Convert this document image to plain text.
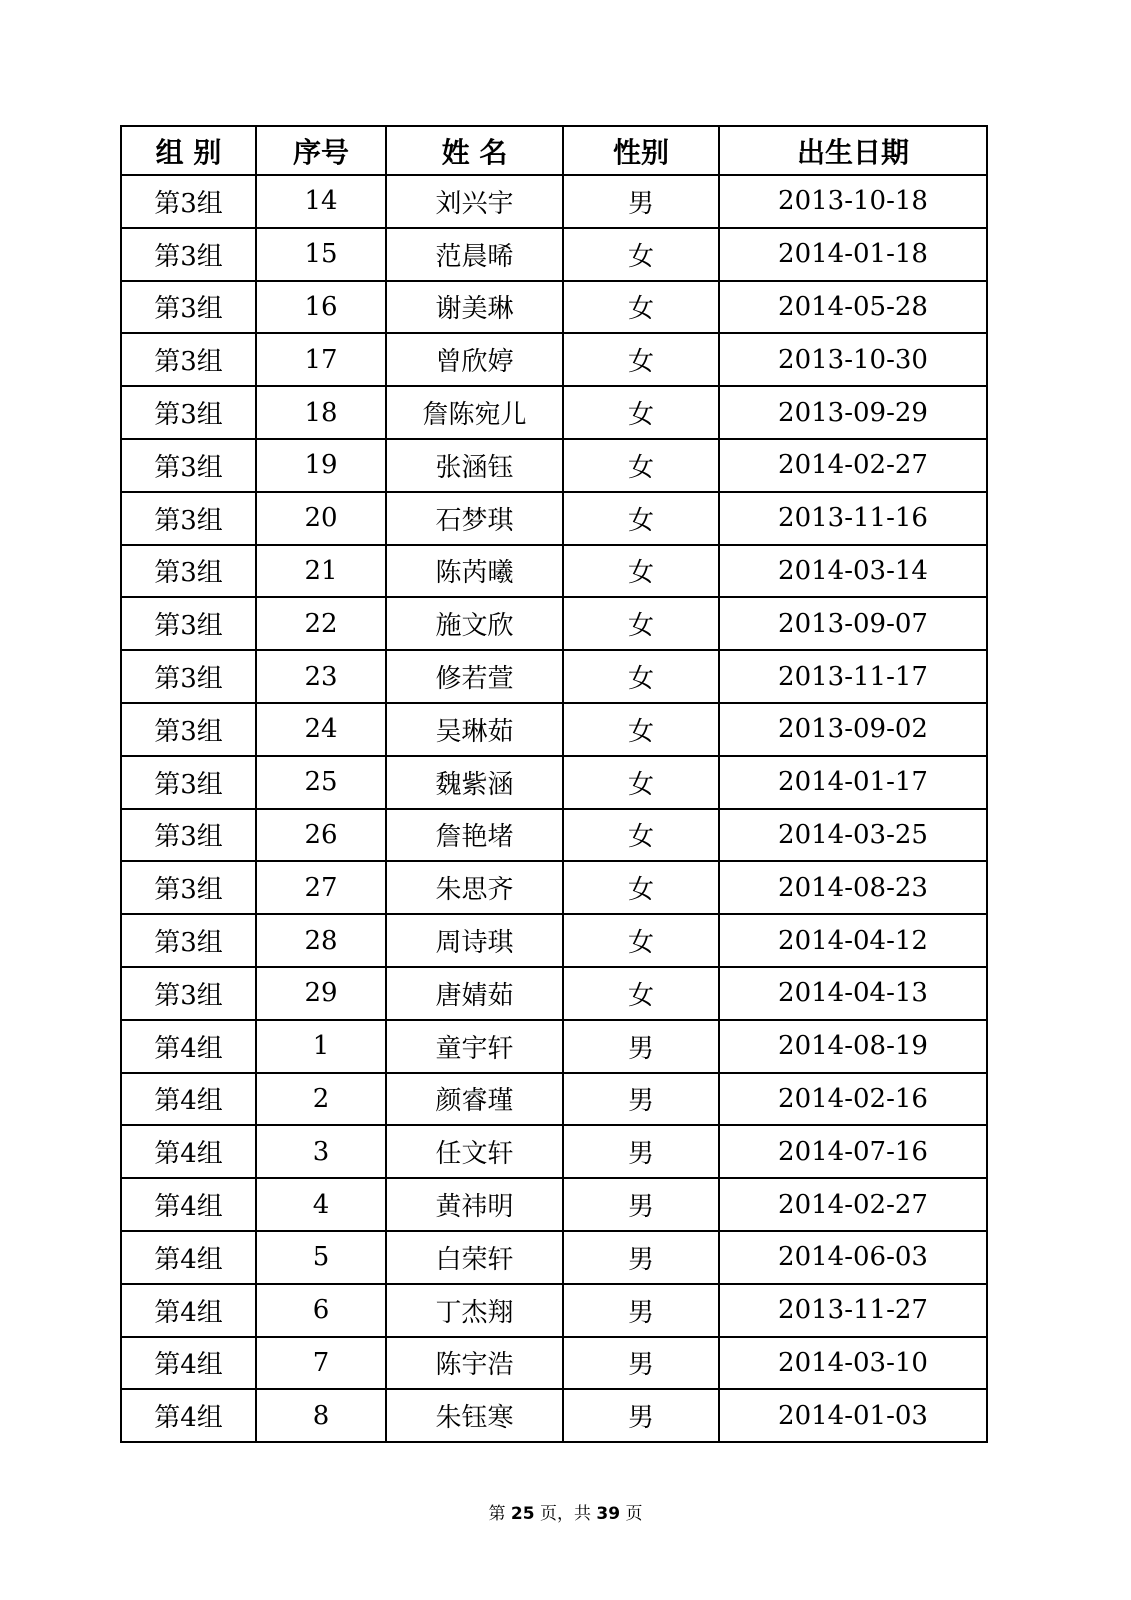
组 别	序号	姓 名	性别	出生日期
第3组	14	刘兴宇	男	2013-10-18
第3组	15	范晨晞	女	2014-01-18
第3组	16	谢美琳	女	2014-05-28
第3组	17	曾欣婷	女	2013-10-30
第3组	18	詹陈宛儿	女	2013-09-29
第3组	19	张涵钰	女	2014-02-27
第3组	20	石梦琪	女	2013-11-16
第3组	21	陈芮曦	女	2014-03-14
第3组	22	施文欣	女	2013-09-07
第3组	23	修若萱	女	2013-11-17
第3组	24	吴琳茹	女	2013-09-02
第3组	25	魏紫涵	女	2014-01-17
第3组	26	詹艳堵	女	2014-03-25
第3组	27	朱思齐	女	2014-08-23
第3组	28	周诗琪	女	2014-04-12
第3组	29	唐婧茹	女	2014-04-13
第4组	1	童宇轩	男	2014-08-19
第4组	2	颜睿瑾	男	2014-02-16
第4组	3	任文轩	男	2014-07-16
第4组	4	黄祎明	男	2014-02-27
第4组	5	白荣轩	男	2014-06-03
第4组	6	丁杰翔	男	2013-11-27
第4组	7	陈宇浩	男	2014-03-10
第4组	8	朱钰寒	男	2014-01-03
第 25 页，共 39 页
